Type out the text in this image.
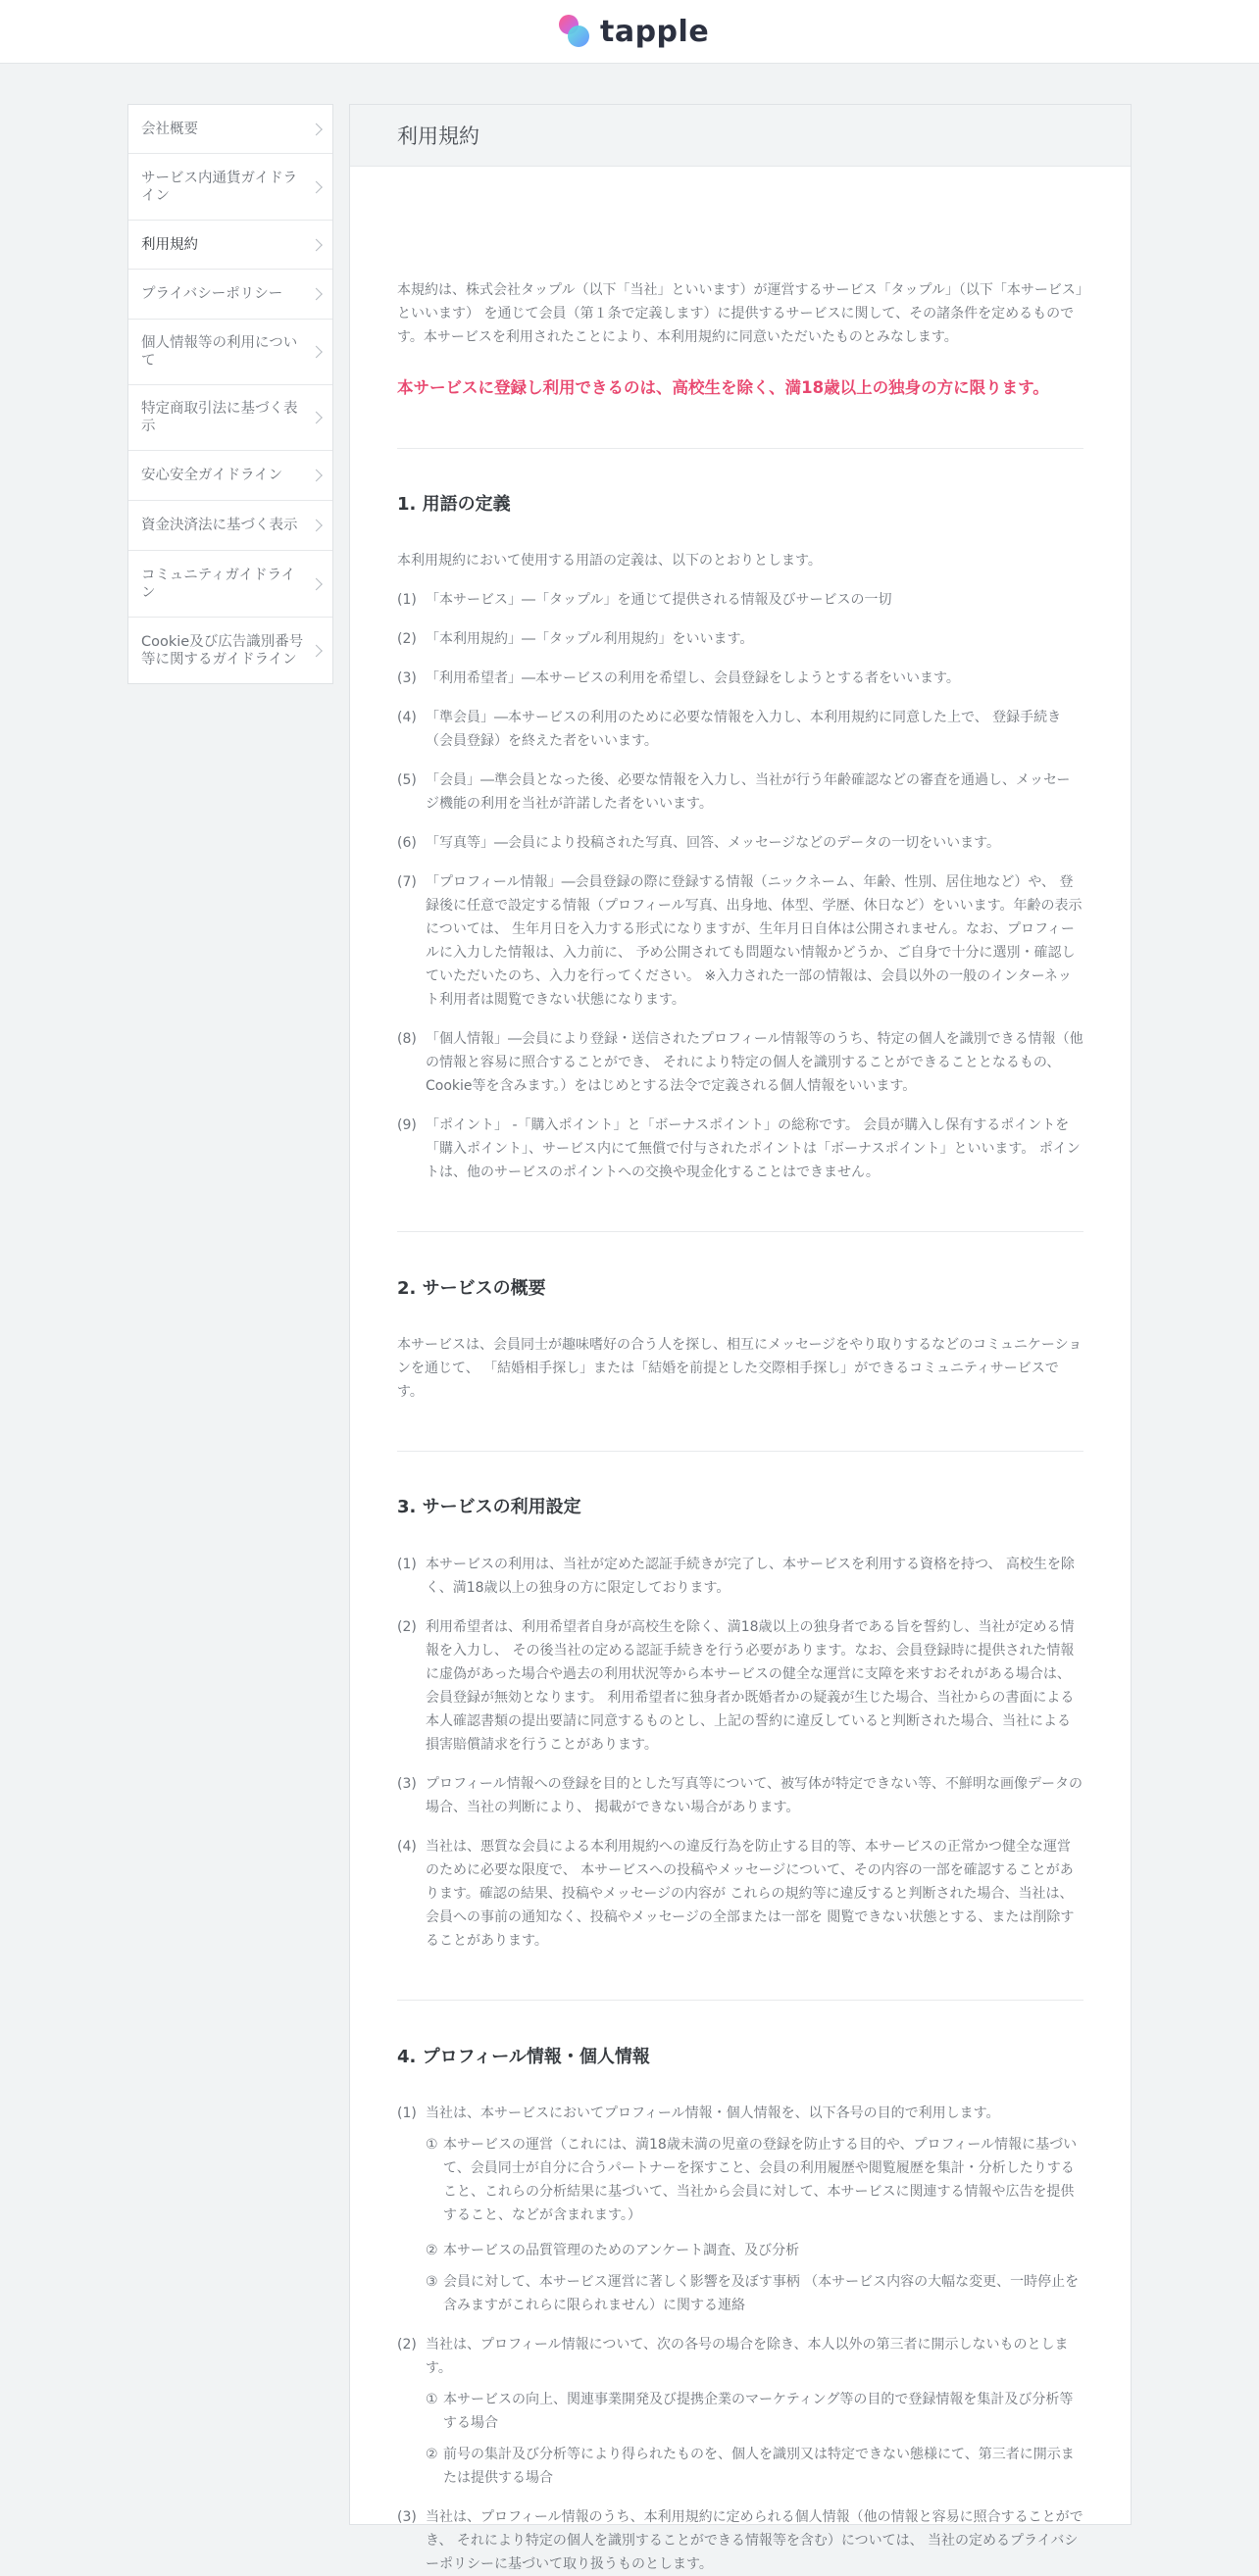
tapple
会社概要
サービス内通貨ガイドライン
利用規約
プライバシーポリシー
個人情報等の利用について
特定商取引法に基づく表示
安心安全ガイドライン
資金決済法に基づく表示
コミュニティガイドライン
Cookie及び広告識別番号等に関するガイドライン
利用規約

本規約は、株式会社タップル（以下「当社」といいます）が運営するサービス「タップル」（以下「本サービス」といいます） を通じて会員（第１条で定義します）に提供するサービスに関して、その諸条件を定めるものです。本サービスを利用されたことにより、本利用規約に同意いただいたものとみなします。

本サービスに登録し利用できるのは、高校生を除く、満18歳以上の独身の方に限ります。

1. 用語の定義

本利用規約において使用する用語の定義は、以下のとおりとします。

(1) 「本サービス」―「タップル」を通じて提供される情報及びサービスの一切
(2) 「本利用規約」―「タップル利用規約」をいいます。
(3) 「利用希望者」―本サービスの利用を希望し、会員登録をしようとする者をいいます。
(4) 「準会員」―本サービスの利用のために必要な情報を入力し、本利用規約に同意した上で、 登録手続き（会員登録）を終えた者をいいます。
(5) 「会員」―準会員となった後、必要な情報を入力し、当社が行う年齢確認などの審査を通過し、メッセージ機能の利用を当社が許諾した者をいいます。
(6) 「写真等」―会員により投稿された写真、回答、メッセージなどのデータの一切をいいます。
(7) 「プロフィール情報」―会員登録の際に登録する情報（ニックネーム、年齢、性別、居住地など）や、 登録後に任意で設定する情報（プロフィール写真、出身地、体型、学歴、休日など）をいいます。年齢の表示については、 生年月日を入力する形式になりますが、生年月日自体は公開されません。なお、プロフィールに入力した情報は、入力前に、 予め公開されても問題ない情報かどうか、ご自身で十分に選別・確認していただいたのち、入力を行ってください。 ※入力された一部の情報は、会員以外の一般のインターネット利用者は閲覧できない状態になります。
(8) 「個人情報」―会員により登録・送信されたプロフィール情報等のうち、特定の個人を識別できる情報（他の情報と容易に照合することができ、 それにより特定の個人を識別することができることとなるもの、Cookie等を含みます。）をはじめとする法令で定義される個人情報をいいます。
(9) 「ポイント」 -「購入ポイント」と「ボーナスポイント」の総称です。 会員が購入し保有するポイントを「購入ポイント」、サービス内にて無償で付与されたポイントは「ボーナスポイント」といいます。 ポイントは、他のサービスのポイントへの交換や現金化することはできません。
2. サービスの概要

本サービスは、会員同士が趣味嗜好の合う人を探し、相互にメッセージをやり取りするなどのコミュニケーションを通じて、 「結婚相手探し」または「結婚を前提とした交際相手探し」ができるコミュニティサービスです。

3. サービスの利用設定
(1) 本サービスの利用は、当社が定めた認証手続きが完了し、本サービスを利用する資格を持つ、 高校生を除く、満18歳以上の独身の方に限定しております。
(2) 利用希望者は、利用希望者自身が高校生を除く、満18歳以上の独身者である旨を誓約し、当社が定める情報を入力し、 その後当社の定める認証手続きを行う必要があります。なお、会員登録時に提供された情報に虚偽があった場合や過去の利用状況等から本サービスの健全な運営に支障を来すおそれがある場合は、会員登録が無効となります。 利用希望者に独身者か既婚者かの疑義が生じた場合、当社からの書面による本人確認書類の提出要請に同意するものとし、上記の誓約に違反していると判断された場合、当社による損害賠償請求を行うことがあります。
(3) プロフィール情報への登録を目的とした写真等について、被写体が特定できない等、不鮮明な画像データの場合、当社の判断により、 掲載ができない場合があります。
(4) 当社は、悪質な会員による本利用規約への違反行為を防止する目的等、本サービスの正常かつ健全な運営のために必要な限度で、 本サービスへの投稿やメッセージについて、その内容の一部を確認することがあります。確認の結果、投稿やメッセージの内容が これらの規約等に違反すると判断された場合、当社は、会員への事前の通知なく、投稿やメッセージの全部または一部を 閲覧できない状態とする、または削除することがあります。
4. プロフィール情報・個人情報
(1) 当社は、本サービスにおいてプロフィール情報・個人情報を、以下各号の目的で利用します。
① 本サービスの運営（これには、満18歳未満の児童の登録を防止する目的や、プロフィール情報に基づいて、会員同士が自分に合うパートナーを探すこと、会員の利用履歴や閲覧履歴を集計・分析したりすること、これらの分析結果に基づいて、当社から会員に対して、本サービスに関連する情報や広告を提供すること、などが含まれます。）
② 本サービスの品質管理のためのアンケート調査、及び分析
③ 会員に対して、本サービス運営に著しく影響を及ぼす事柄 （本サービス内容の大幅な変更、一時停止を含みますがこれらに限られません）に関する連絡
(2) 当社は、プロフィール情報について、次の各号の場合を除き、本人以外の第三者に開示しないものとします。
① 本サービスの向上、関連事業開発及び提携企業のマーケティング等の目的で登録情報を集計及び分析等する場合
② 前号の集計及び分析等により得られたものを、個人を識別又は特定できない態様にて、第三者に開示または提供する場合
(3) 当社は、プロフィール情報のうち、本利用規約に定められる個人情報（他の情報と容易に照合することができ、 それにより特定の個人を識別することができる情報等を含む）については、 当社の定めるプライバシーポリシーに基づいて取り扱うものとします。
